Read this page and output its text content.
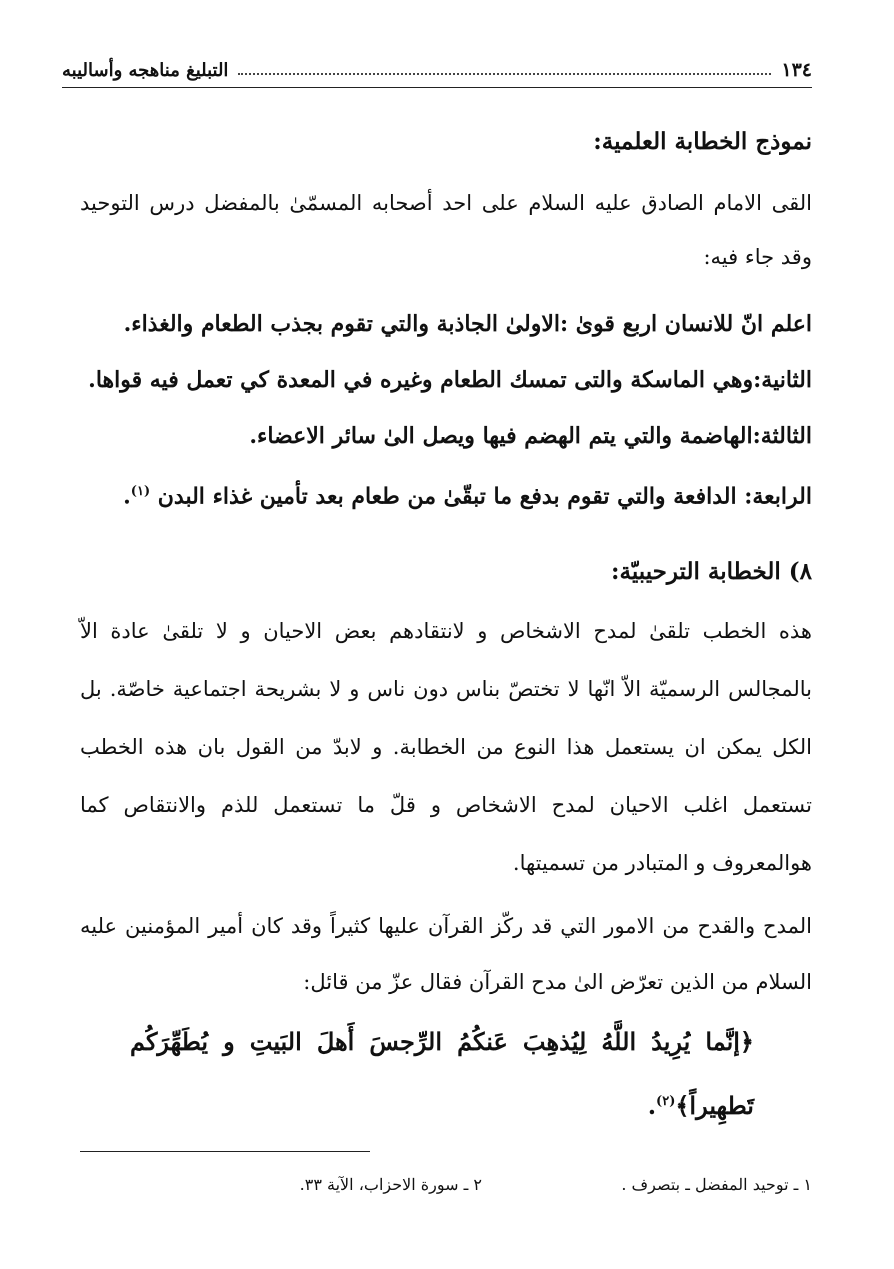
١٣٤
التبليغ مناهجه وأساليبه
نموذج الخطابة العلمية:
القى الامام الصادق عليه السلام على احد أصحابه المسمّىٰ بالمفضل درس التوحيد وقد جاء فيه:
اعلم انّ للانسان اربع قوىٰ :الاولىٰ الجاذبة والتي تقوم بجذب الطعام والغذاء.
الثانية:وهي الماسكة والتى تمسك الطعام وغيره في المعدة كي تعمل فيه قواها.
الثالثة:الهاضمة والتي يتم الهضم فيها ويصل الىٰ سائر الاعضاء.
الرابعة: الدافعة والتي تقوم بدفع ما تبقّىٰ من طعام بعد تأمين غذاء البدن $^{(١)}$.
٨) الخطابة الترحيبيّة:
هذه الخطب تلقىٰ لمدح الاشخاص و لانتقادهم بعض الاحيان و لا تلقىٰ عادة الاّ بالمجالس الرسميّة الاّ انّها لا تختصّ بناس دون ناس و لا بشريحة اجتماعية خاصّة. بل الكل يمكن ان يستعمل هذا النوع من الخطابة. و لابدّ من القول بان هذه الخطب تستعمل اغلب الاحيان لمدح الاشخاص و قلّ ما تستعمل للذم والانتقاص كما هوالمعروف و المتبادر من تسميتها.
المدح والقدح من الامور التي قد ركّز القرآن عليها كثيراً وقد كان أمير المؤمنين عليه السلام من الذين تعرّض الىٰ مدح القرآن فقال عزّ من قائل:
﴿إنَّما يُرِيدُ اللَّهُ لِيُذهِبَ عَنكُمُ الرِّجسَ أَهلَ البَيتِ و يُطَهِّرَكُم تَطهِيراً﴾$^{(٢)}$.
١ ـ توحيد المفضل ـ بتصرف .
٢ ـ سورة الاحزاب، الآية ٣٣.
